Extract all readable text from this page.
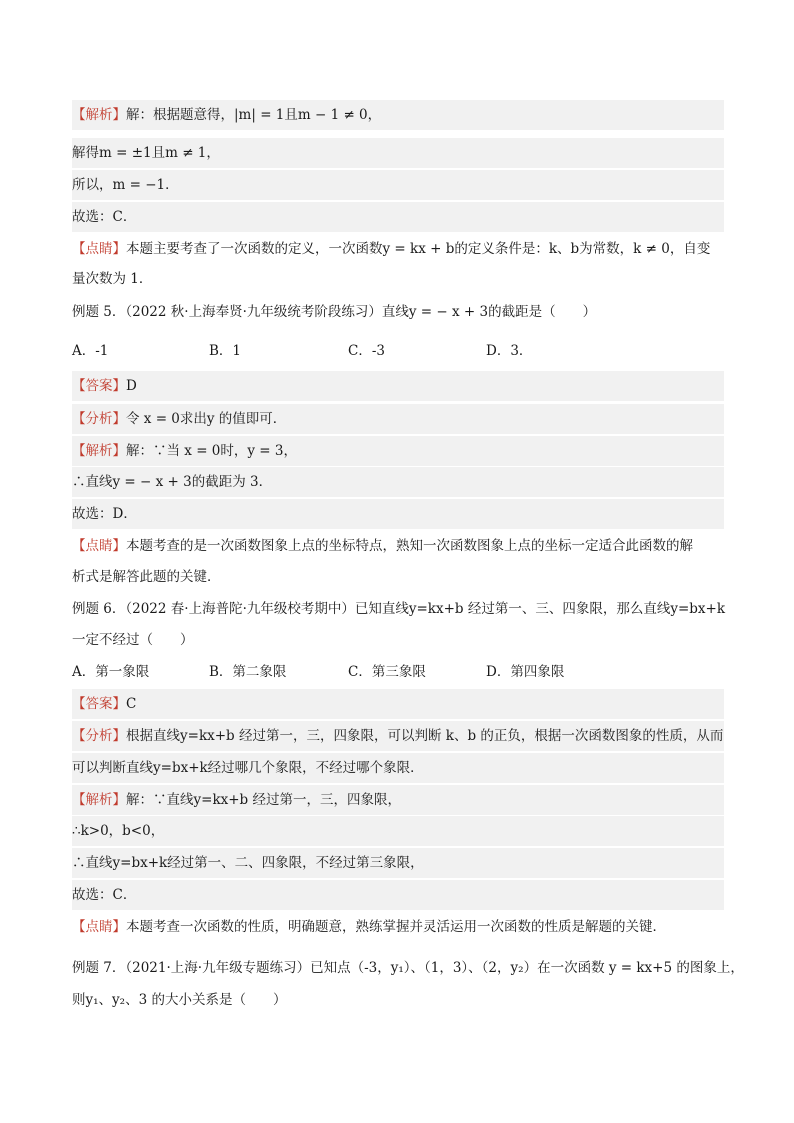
【解析】解：根据题意得，|m| = 1且m − 1 ≠ 0，
解得m = ±1且m ≠ 1，
所以，m = −1．
故选：C．
【点睛】本题主要考查了一次函数的定义，一次函数y = kx + b的定义条件是：k、b为常数，k ≠ 0，自变
量次数为 1．
例题 5．（2022 秋·上海奉贤·九年级统考阶段练习）直线y = − x + 3的截距是（　　）
A．-1	B．1	C．-3	D．3．
【答案】D
【分析】令 x = 0求出y 的值即可．
【解析】解：∵当 x = 0时，y = 3，
∴直线y = − x + 3的截距为 3．
故选：D．
【点睛】本题考查的是一次函数图象上点的坐标特点，熟知一次函数图象上点的坐标一定适合此函数的解
析式是解答此题的关键．
例题 6．（2022 春·上海普陀·九年级校考期中）已知直线y=kx+b 经过第一、三、四象限，那么直线y=bx+k
一定不经过（　　）
A．第一象限	B．第二象限	C．第三象限	D．第四象限
【答案】C
【分析】根据直线y=kx+b 经过第一，三，四象限，可以判断 k、b 的正负，根据一次函数图象的性质，从而
可以判断直线y=bx+k经过哪几个象限，不经过哪个象限．
【解析】解：∵直线y=kx+b 经过第一，三，四象限，
∴k>0，b<0，
∴直线y=bx+k经过第一、二、四象限，不经过第三象限，
故选：C．
【点睛】本题考查一次函数的性质，明确题意，熟练掌握并灵活运用一次函数的性质是解题的关键．
例题 7．（2021·上海·九年级专题练习）已知点（-3，y₁）、（1，3）、（2，y₂）在一次函数 y = kx+5 的图象上，
则y₁、y₂、3 的大小关系是（　　）
